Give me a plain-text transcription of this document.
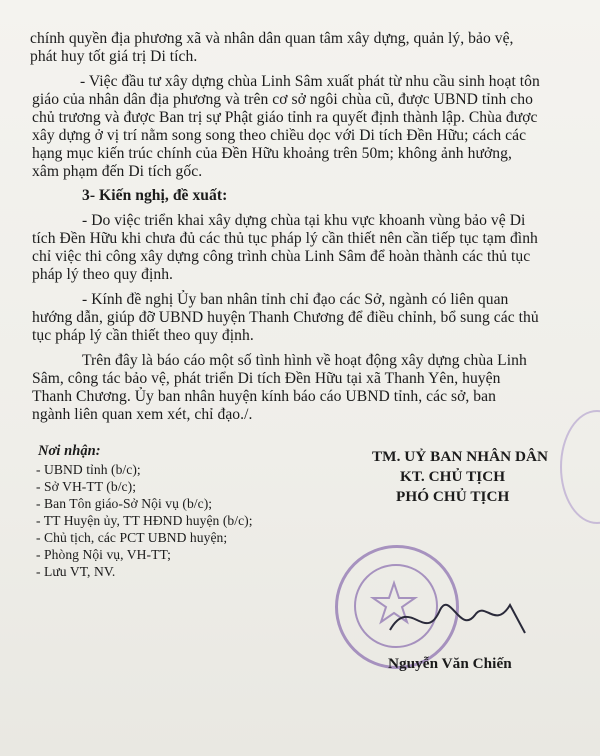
chính quyền địa phương xã và nhân dân quan tâm xây dựng, quản lý, bảo vệ,
phát huy tốt giá trị Di tích.
- Việc đầu tư xây dựng chùa Linh Sâm xuất phát từ nhu cầu sinh hoạt tôn
giáo của nhân dân địa phương và trên cơ sở ngôi chùa cũ, được UBND tỉnh cho
chủ trương và được Ban trị sự Phật giáo tỉnh ra quyết định thành lập. Chùa được
xây dựng ở vị trí nằm song song theo chiều dọc với Di tích Đền Hữu; cách các
hạng mục kiến trúc chính của Đền Hữu khoảng trên 50m; không ảnh hưởng,
xâm phạm đến Di tích gốc.
3- Kiến nghị, đề xuất:
- Do việc triển khai xây dựng chùa tại khu vực khoanh vùng bảo vệ Di
tích Đền Hữu khi chưa đủ các thủ tục pháp lý cần thiết nên cần tiếp tục tạm đình
chỉ việc thi công xây dựng công trình chùa Linh Sâm để hoàn thành các thủ tục
pháp lý theo quy định.
- Kính đề nghị Ủy ban nhân tỉnh chỉ đạo các Sở, ngành có liên quan
hướng dẫn, giúp đỡ UBND huyện Thanh Chương để điều chỉnh, bổ sung các thủ
tục pháp lý cần thiết theo quy định.
Trên đây là báo cáo một số tình hình về hoạt động xây dựng chùa Linh
Sâm, công tác bảo vệ, phát triển Di tích Đền Hữu tại xã Thanh Yên, huyện
Thanh Chương. Ủy ban nhân huyện kính báo cáo UBND tỉnh, các sở, ban
ngành liên quan xem xét, chỉ đạo./.
Nơi nhận:
- UBND tỉnh (b/c);
- Sở VH-TT (b/c);
- Ban Tôn giáo-Sở Nội vụ (b/c);
- TT Huyện ủy, TT HĐND huyện (b/c);
- Chủ tịch, các PCT UBND huyện;
- Phòng Nội vụ, VH-TT;
- Lưu VT, NV.
TM. UỶ BAN NHÂN DÂN
KT. CHỦ TỊCH
PHÓ CHỦ TỊCH
Nguyễn Văn Chiến
